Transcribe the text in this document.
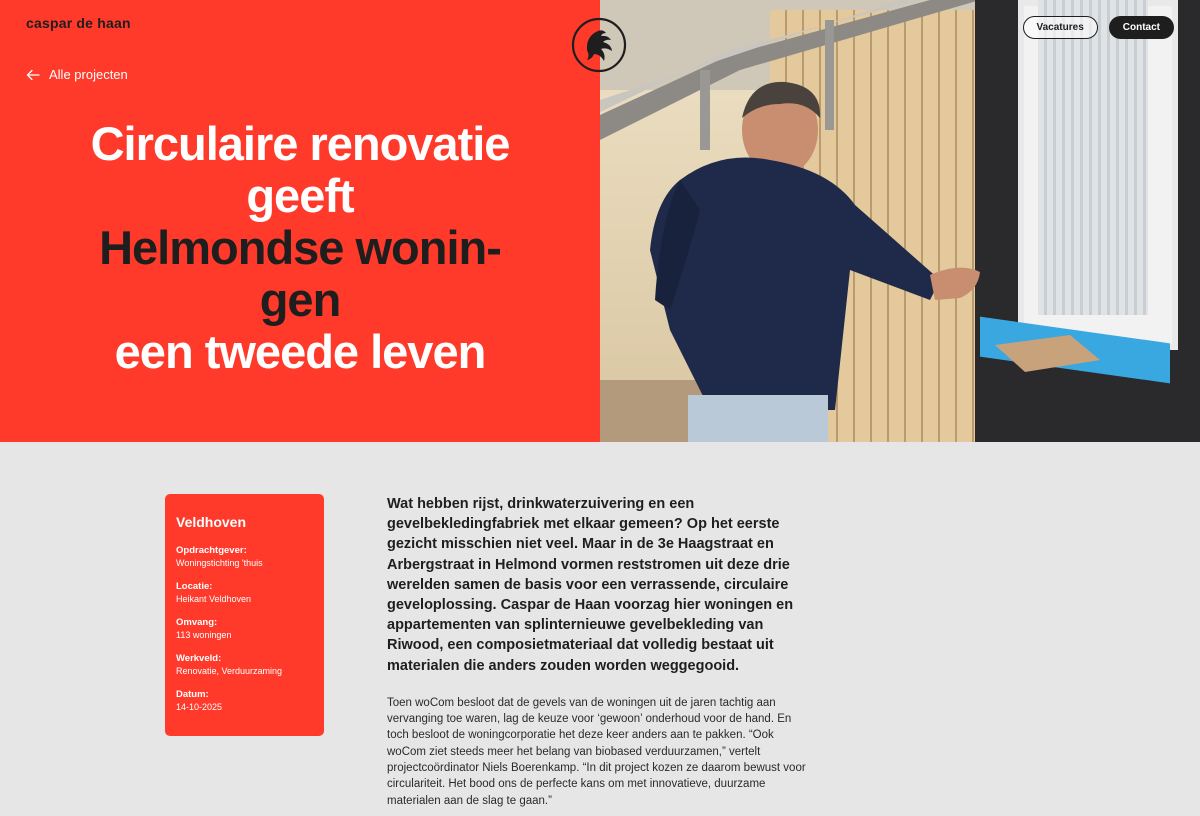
caspar de haan
Alle projecten
Circulaire renovatie
geeft
Helmondse wonin-
gen
een tweede leven
Vacatures	Contact
Veldhoven
Opdrachtgever:
Woningstichting 'thuis
Locatie:
Heikant Veldhoven
Omvang:
113 woningen
Werkveld:
Renovatie, Verduurzaming
Datum:
14-10-2025

Wat hebben rijst, drinkwaterzuivering en een gevelbekledingfabriek met elkaar gemeen? Op het eerste gezicht misschien niet veel. Maar in de 3e Haagstraat en Arbergstraat in Helmond vormen reststromen uit deze drie werelden samen de basis voor een verrassende, circulaire geveloplossing. Caspar de Haan voorzag hier woningen en appartementen van splinternieuwe gevelbekleding van Riwood, een composietmateriaal dat volledig bestaat uit materialen die anders zouden worden weggegooid.

Toen woCom besloot dat de gevels van de woningen uit de jaren tachtig aan vervanging toe waren, lag de keuze voor ‘gewoon’ onderhoud voor de hand. En toch besloot de woningcorporatie het deze keer anders aan te pakken. “Ook woCom ziet steeds meer het belang van biobased verduurzamen,” vertelt projectcoördinator Niels Boerenkamp. “In dit project kozen ze daarom bewust voor circulariteit. Het bood ons de perfecte kans om met innovatieve, duurzame materialen aan de slag te gaan.”
